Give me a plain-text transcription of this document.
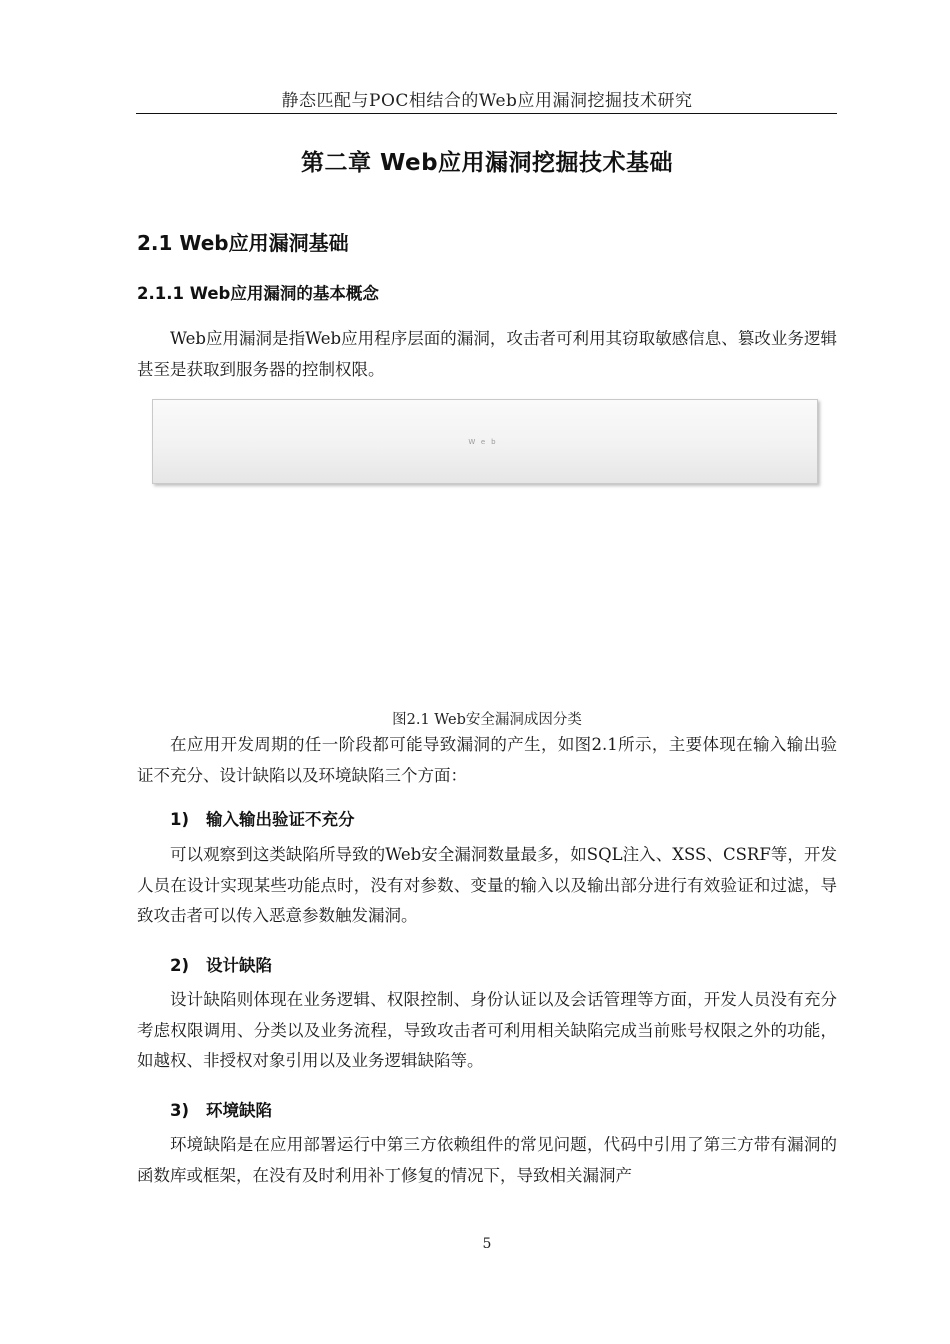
静态匹配与POC相结合的Web应用漏洞挖掘技术研究
第二章 Web应用漏洞挖掘技术基础
2.1 Web应用漏洞基础
2.1.1 Web应用漏洞的基本概念

Web应用漏洞是指Web应用程序层面的漏洞，攻击者可利用其窃取敏感信息、篡改业务逻辑甚至是获取到服务器的控制权限。

Web
图2.1 Web安全漏洞成因分类

在应用开发周期的任一阶段都可能导致漏洞的产生，如图2.1所示，主要体现在输入输出验证不充分、设计缺陷以及环境缺陷三个方面：

1) 输入输出验证不充分

可以观察到这类缺陷所导致的Web安全漏洞数量最多，如SQL注入、XSS、CSRF等，开发人员在设计实现某些功能点时，没有对参数、变量的输入以及输出部分进行有效验证和过滤，导致攻击者可以传入恶意参数触发漏洞。

2) 设计缺陷

设计缺陷则体现在业务逻辑、权限控制、身份认证以及会话管理等方面，开发人员没有充分考虑权限调用、分类以及业务流程，导致攻击者可利用相关缺陷完成当前账号权限之外的功能，如越权、非授权对象引用以及业务逻辑缺陷等。

3) 环境缺陷

环境缺陷是在应用部署运行中第三方依赖组件的常见问题，代码中引用了第三方带有漏洞的函数库或框架，在没有及时利用补丁修复的情况下，导致相关漏洞产

5
